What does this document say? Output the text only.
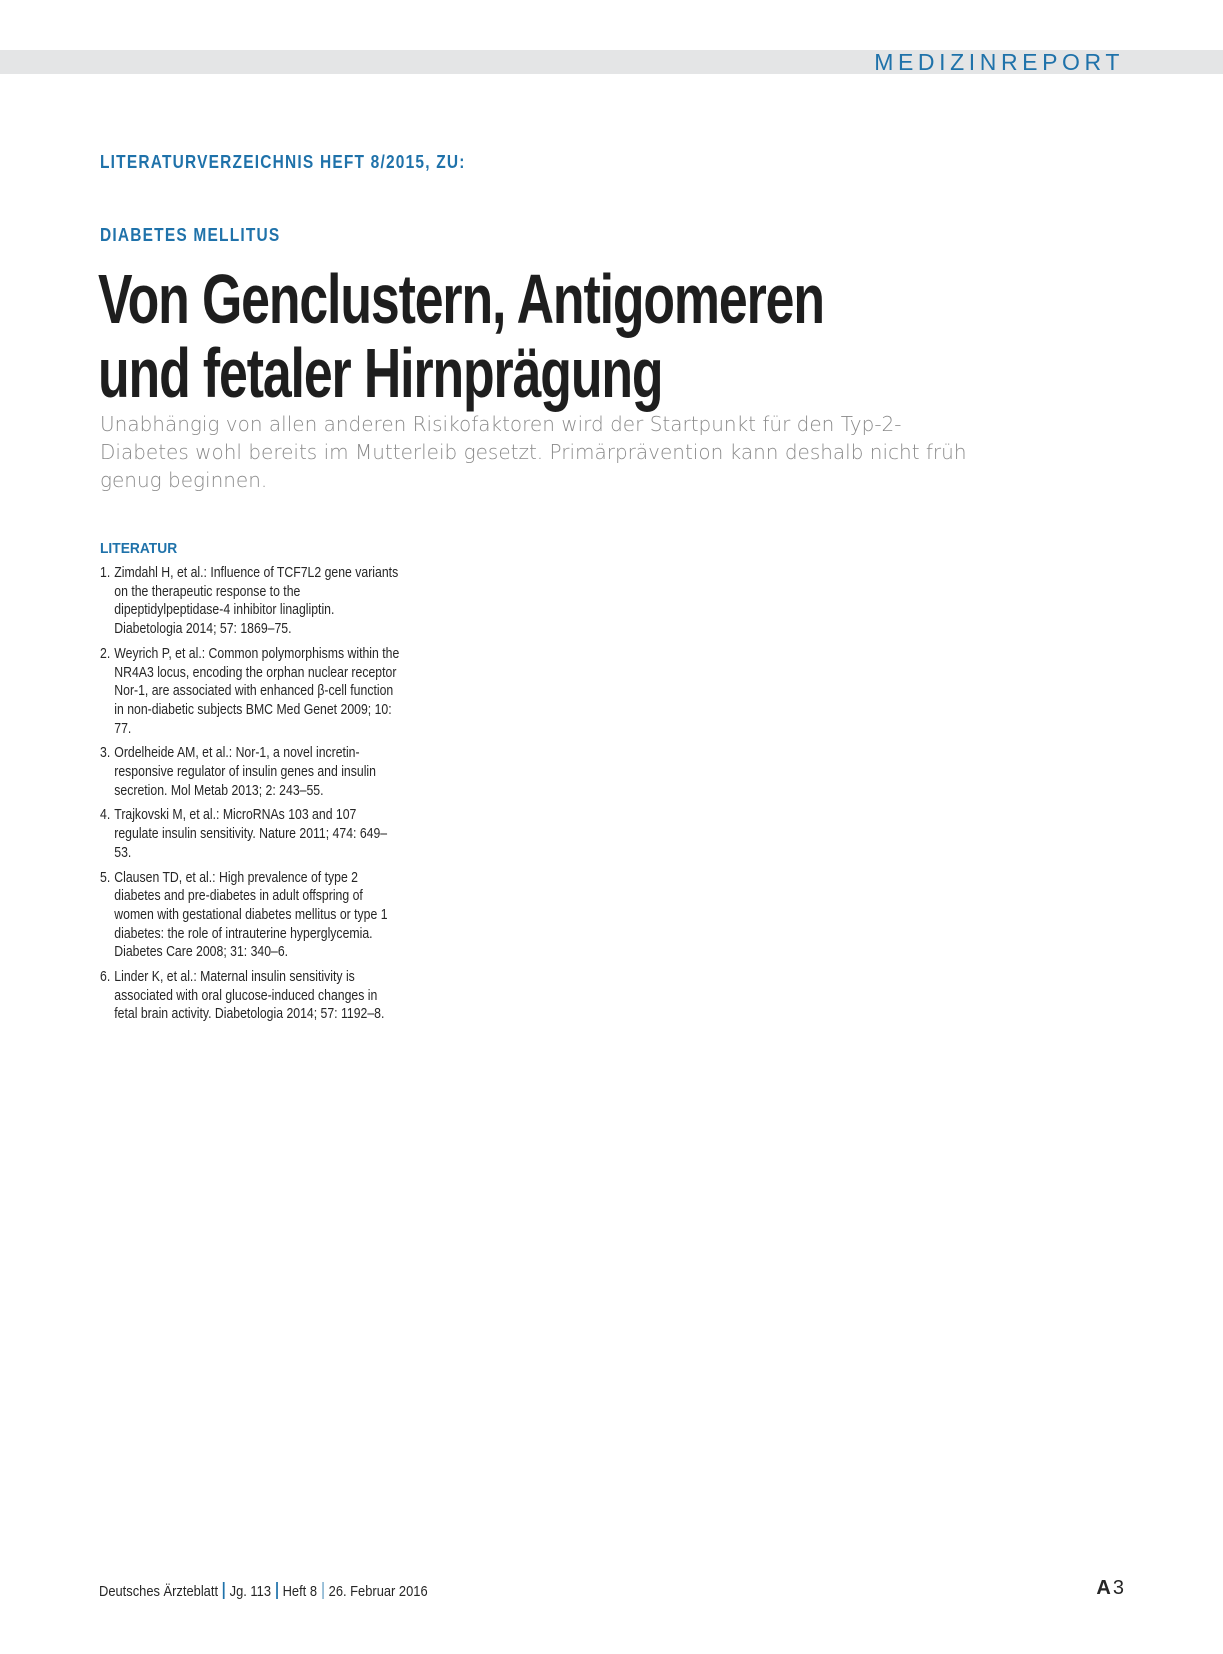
MEDIZINREPORT
LITERATURVERZEICHNIS HEFT 8/2015, ZU:
DIABETES MELLITUS
Von Genclustern, Antigomeren
und fetaler Hirnprägung

Unabhängig von allen anderen Risikofaktoren wird der Startpunkt für den Typ-2-Diabetes wohl bereits im Mutterleib gesetzt. Primärprävention kann deshalb nicht früh genug beginnen.

LITERATUR
1. Zimdahl H, et al.: Influence of TCF7L2 gene variants on the therapeutic response to the dipeptidylpeptidase-4 inhibitor linagliptin. Diabetologia 2014; 57: 1869–75.
2. Weyrich P, et al.: Common polymorphisms within the NR4A3 locus, encoding the orphan nuclear receptor Nor-1, are associated with enhanced β-cell function in non-diabetic subjects BMC Med Genet 2009; 10: 77.
3. Ordelheide AM, et al.: Nor-1, a novel incretin-responsive regulator of insulin genes and insulin secretion. Mol Metab 2013; 2: 243–55.
4. Trajkovski M, et al.: MicroRNAs 103 and 107 regulate insulin sensitivity. Nature 2011; 474: 649–53.
5. Clausen TD, et al.: High prevalence of type 2 diabetes and pre-diabetes in adult offspring of women with gestational diabetes mellitus or type 1 diabetes: the role of intrauterine hyperglycemia. Diabetes Care 2008; 31: 340–6.
6. Linder K, et al.: Maternal insulin sensitivity is associated with oral glucose-induced changes in fetal brain activity. Diabetologia 2014; 57: 1192–8.
Deutsches Ärzteblatt Jg. 113 Heft 8 26. Februar 2016	A 3
